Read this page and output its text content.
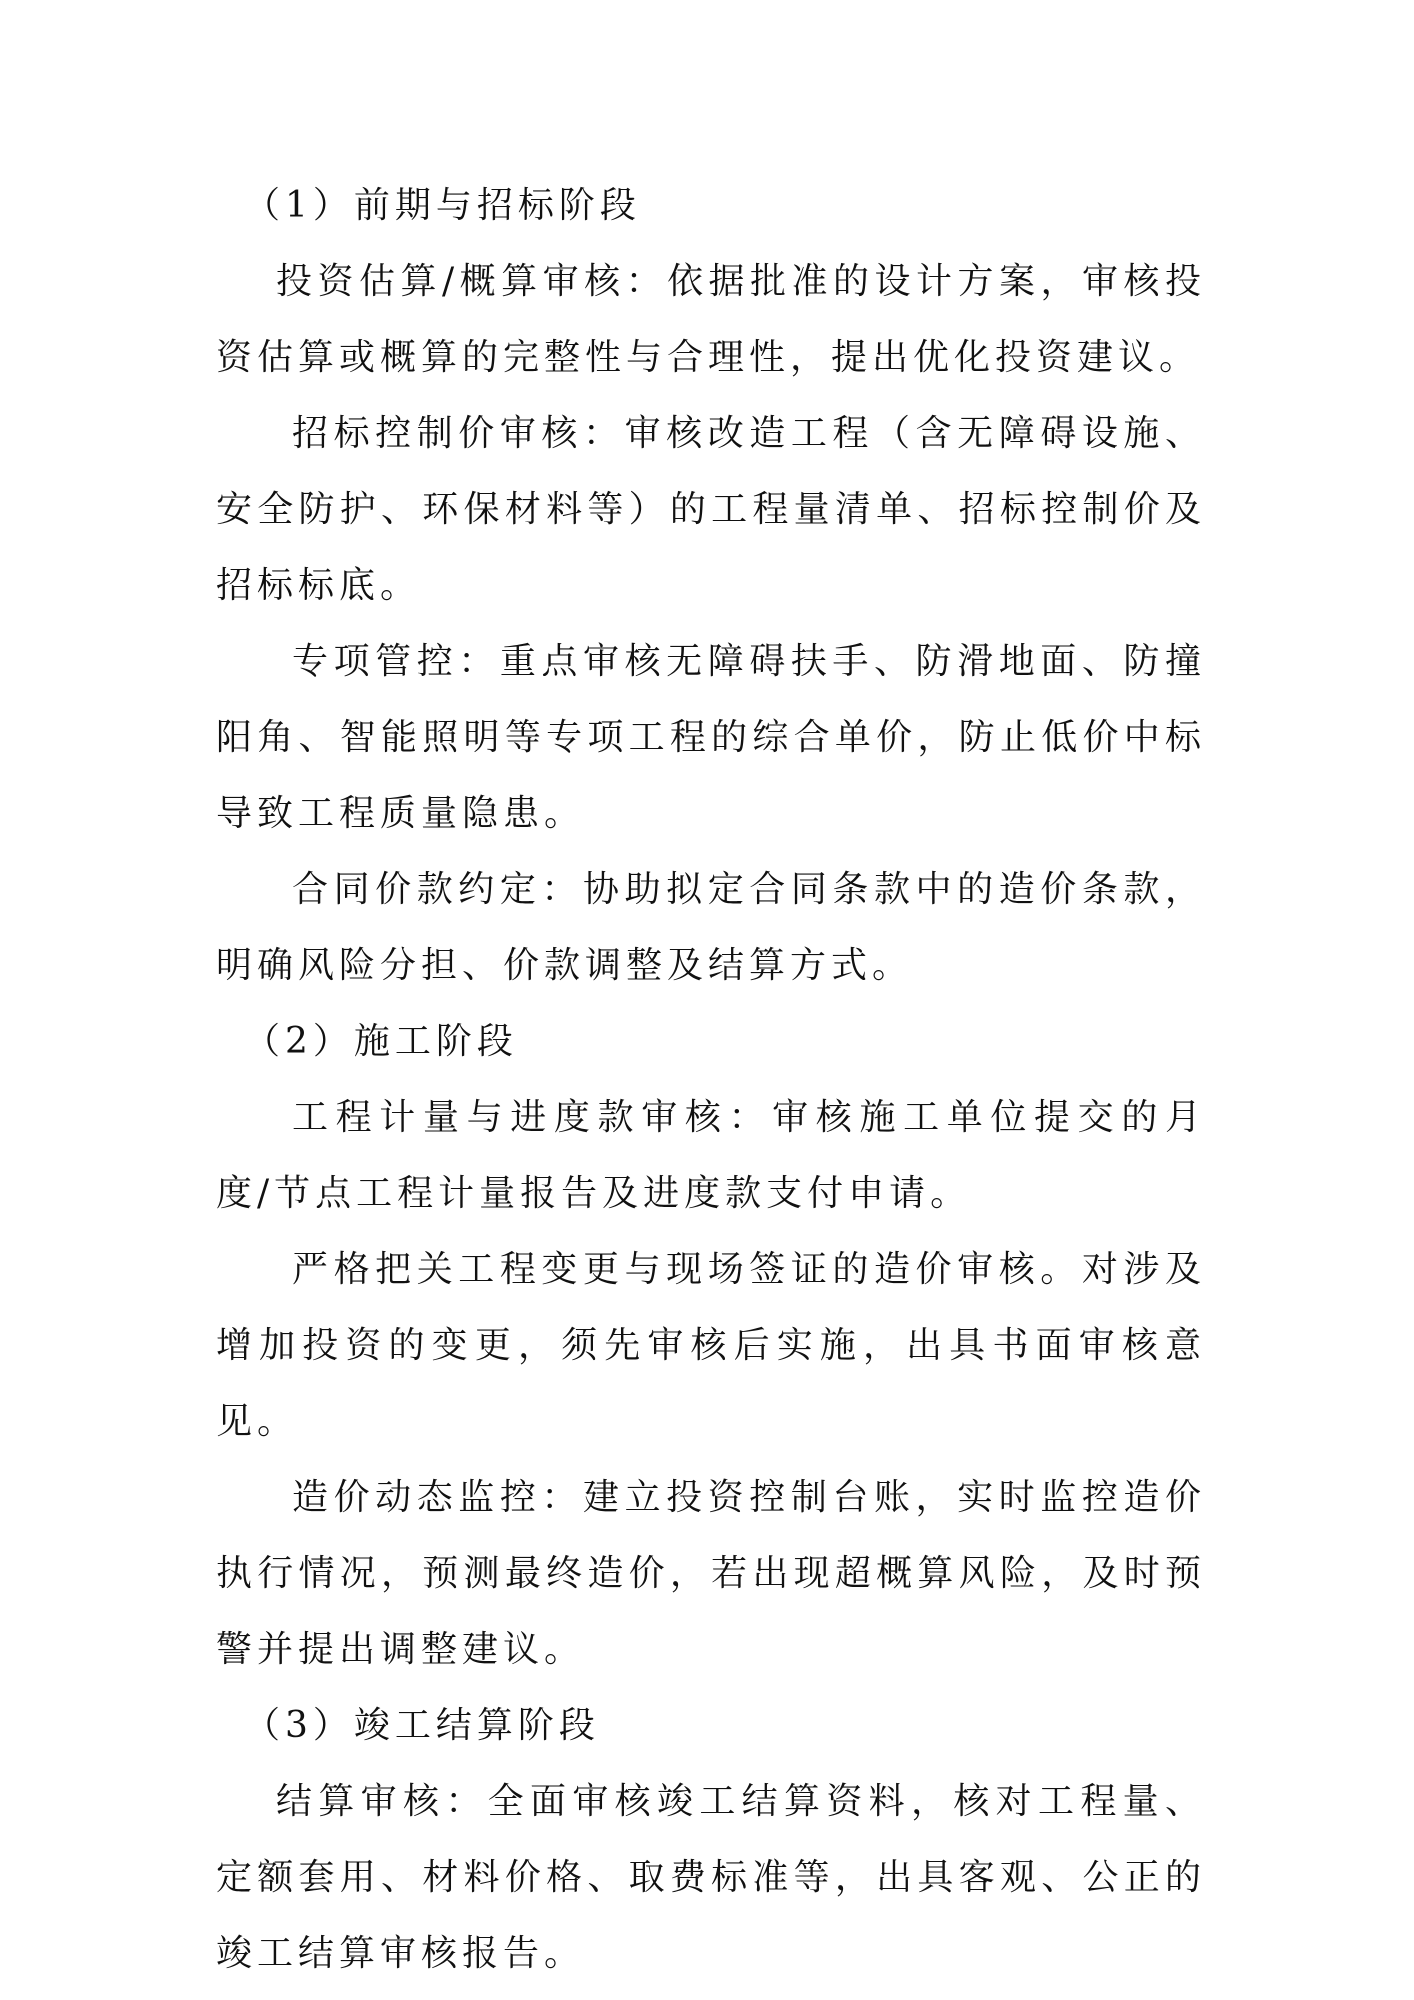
（1）前期与招标阶段

投资估算/概算审核：依据批准的设计方案，审核投资估算或概算的完整性与合理性，提出优化投资建议。

招标控制价审核：审核改造工程（含无障碍设施、安全防护、环保材料等）的工程量清单、招标控制价及招标标底。

专项管控：重点审核无障碍扶手、防滑地面、防撞阳角、智能照明等专项工程的综合单价，防止低价中标导致工程质量隐患。

合同价款约定：协助拟定合同条款中的造价条款，明确风险分担、价款调整及结算方式。

（2）施工阶段

工程计量与进度款审核：审核施工单位提交的月度/节点工程计量报告及进度款支付申请。

严格把关工程变更与现场签证的造价审核。对涉及增加投资的变更，须先审核后实施，出具书面审核意见。

造价动态监控：建立投资控制台账，实时监控造价执行情况，预测最终造价，若出现超概算风险，及时预警并提出调整建议。

（3）竣工结算阶段

结算审核：全面审核竣工结算资料，核对工程量、定额套用、材料价格、取费标准等，出具客观、公正的竣工结算审核报告。
